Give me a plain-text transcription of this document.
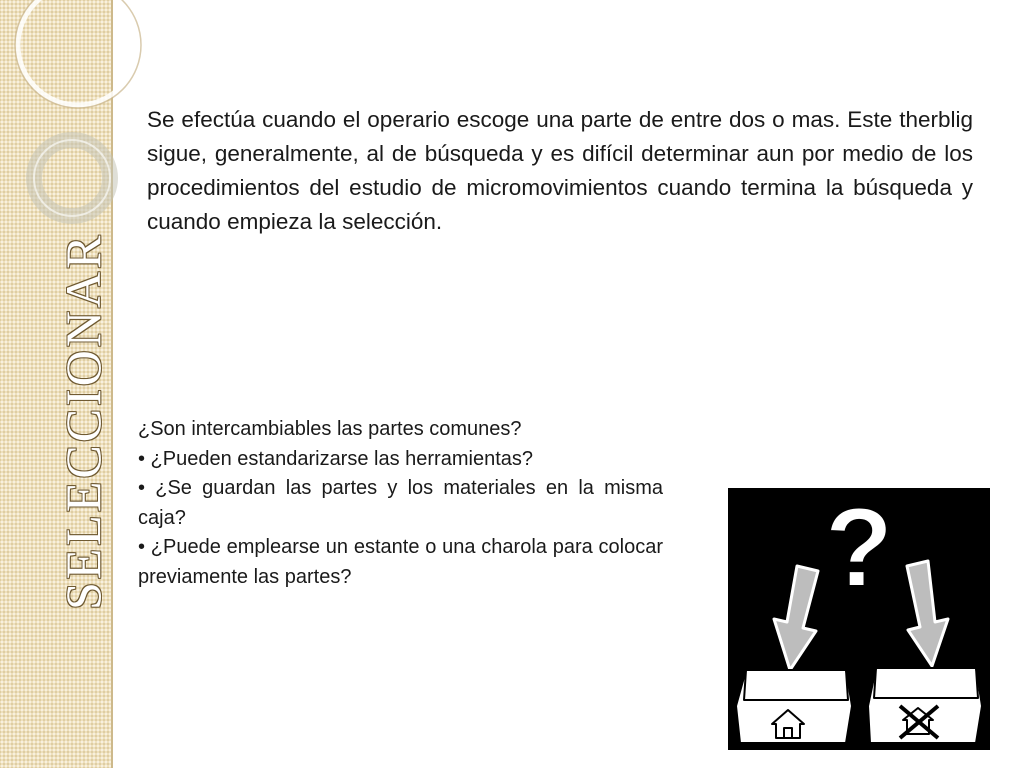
SELECCIONAR

Se efectúa cuando el operario escoge una parte de entre dos o mas. Este therblig sigue, generalmente, al de búsqueda y es difícil determinar aun por medio de los procedimientos del estudio de micromovimientos cuando termina la búsqueda y cuando empieza la selección.

¿Son intercambiables las partes comunes?

• ¿Pueden estandarizarse las herramientas?

• ¿Se guardan las partes y los materiales en la misma caja?

• ¿Puede emplearse un estante o una charola para colocar previamente las partes?	?
